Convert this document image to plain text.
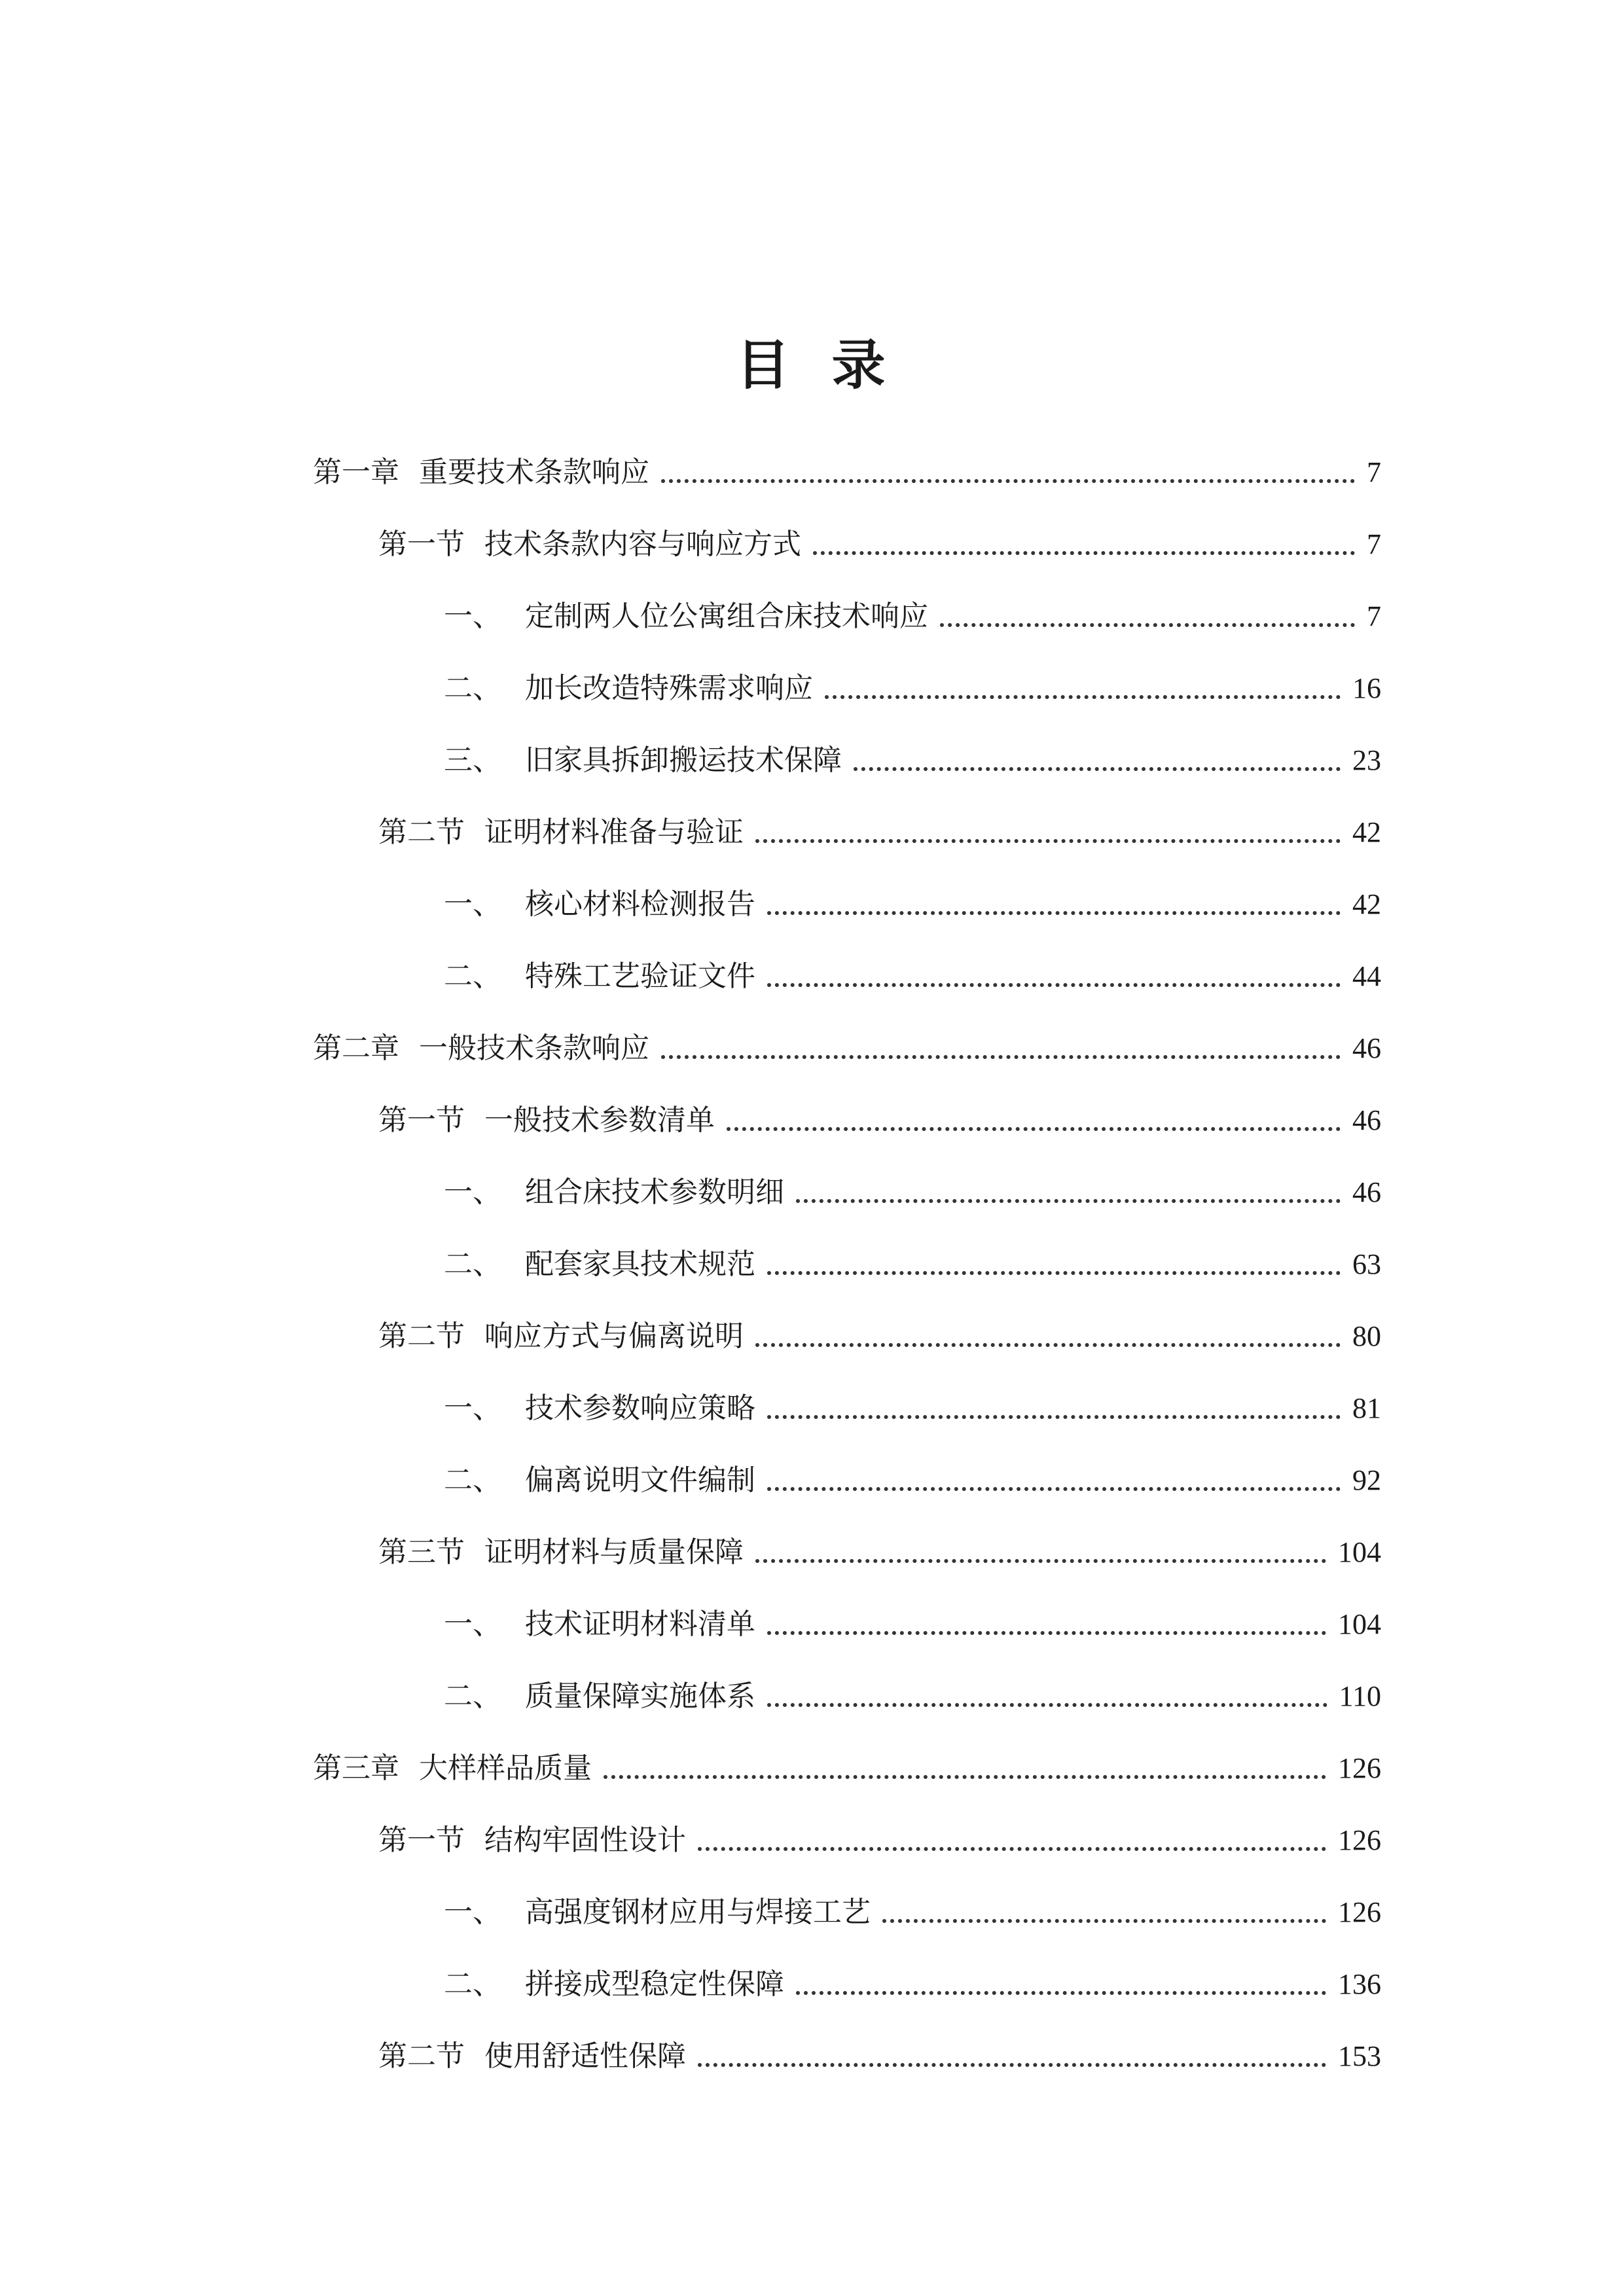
目 录
第一章 重要技术条款响应	7
第一节 技术条款内容与响应方式	7
一、 定制两人位公寓组合床技术响应	7
二、 加长改造特殊需求响应	16
三、 旧家具拆卸搬运技术保障	23
第二节 证明材料准备与验证	42
一、 核心材料检测报告	42
二、 特殊工艺验证文件	44
第二章 一般技术条款响应	46
第一节 一般技术参数清单	46
一、 组合床技术参数明细	46
二、 配套家具技术规范	63
第二节 响应方式与偏离说明	80
一、 技术参数响应策略	81
二、 偏离说明文件编制	92
第三节 证明材料与质量保障	104
一、 技术证明材料清单	104
二、 质量保障实施体系	110
第三章 大样样品质量	126
第一节 结构牢固性设计	126
一、 高强度钢材应用与焊接工艺	126
二、 拼接成型稳定性保障	136
第二节 使用舒适性保障	153
